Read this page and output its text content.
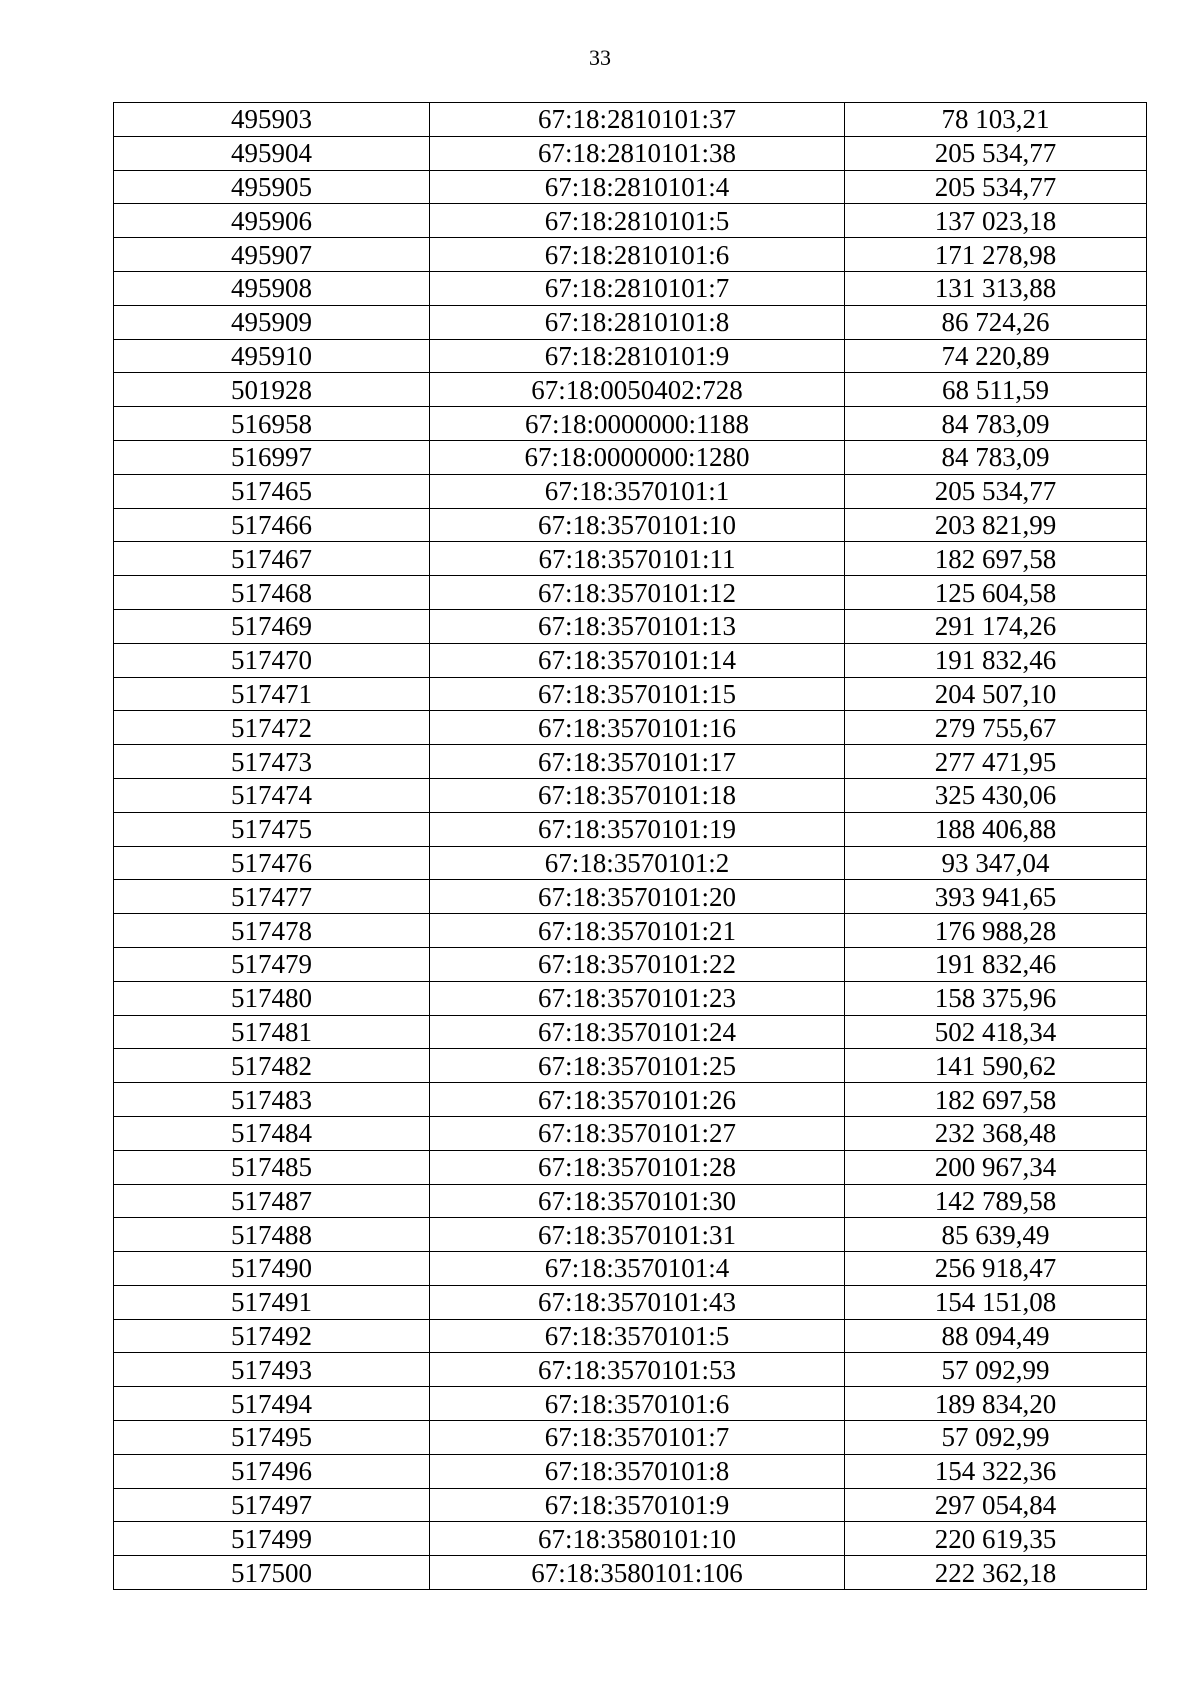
33
495903	67:18:2810101:37	78 103,21
495904	67:18:2810101:38	205 534,77
495905	67:18:2810101:4	205 534,77
495906	67:18:2810101:5	137 023,18
495907	67:18:2810101:6	171 278,98
495908	67:18:2810101:7	131 313,88
495909	67:18:2810101:8	86 724,26
495910	67:18:2810101:9	74 220,89
501928	67:18:0050402:728	68 511,59
516958	67:18:0000000:1188	84 783,09
516997	67:18:0000000:1280	84 783,09
517465	67:18:3570101:1	205 534,77
517466	67:18:3570101:10	203 821,99
517467	67:18:3570101:11	182 697,58
517468	67:18:3570101:12	125 604,58
517469	67:18:3570101:13	291 174,26
517470	67:18:3570101:14	191 832,46
517471	67:18:3570101:15	204 507,10
517472	67:18:3570101:16	279 755,67
517473	67:18:3570101:17	277 471,95
517474	67:18:3570101:18	325 430,06
517475	67:18:3570101:19	188 406,88
517476	67:18:3570101:2	93 347,04
517477	67:18:3570101:20	393 941,65
517478	67:18:3570101:21	176 988,28
517479	67:18:3570101:22	191 832,46
517480	67:18:3570101:23	158 375,96
517481	67:18:3570101:24	502 418,34
517482	67:18:3570101:25	141 590,62
517483	67:18:3570101:26	182 697,58
517484	67:18:3570101:27	232 368,48
517485	67:18:3570101:28	200 967,34
517487	67:18:3570101:30	142 789,58
517488	67:18:3570101:31	85 639,49
517490	67:18:3570101:4	256 918,47
517491	67:18:3570101:43	154 151,08
517492	67:18:3570101:5	88 094,49
517493	67:18:3570101:53	57 092,99
517494	67:18:3570101:6	189 834,20
517495	67:18:3570101:7	57 092,99
517496	67:18:3570101:8	154 322,36
517497	67:18:3570101:9	297 054,84
517499	67:18:3580101:10	220 619,35
517500	67:18:3580101:106	222 362,18
